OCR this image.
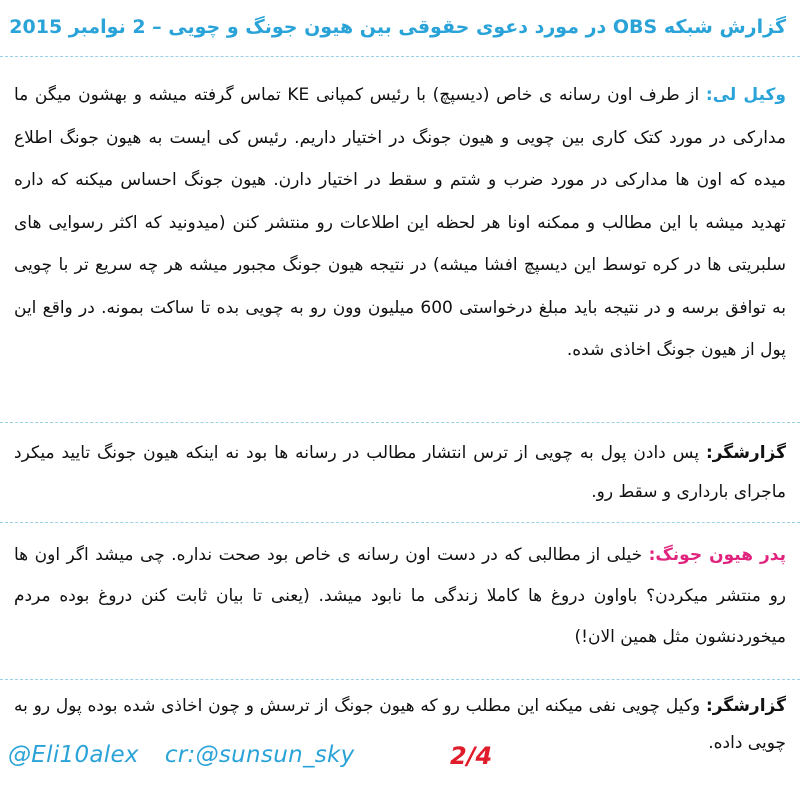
گزارش شبکه OBS در مورد دعوی حقوقی بین هیون جونگ و چویی – 2 نوامبر 2015

وکیل لی: از طرف اون رسانه ی خاص (دیسپچ) با رئیس کمپانی KE تماس گرفته میشه و بهشون میگن ما مدارکی در مورد کتک کاری بین چویی و هیون جونگ در اختیار داریم. رئیس کی ایست به هیون جونگ اطلاع میده که اون ها مدارکی در مورد ضرب و شتم و سقط در اختیار دارن. هیون جونگ احساس میکنه که داره تهدید میشه با این مطالب و ممکنه اونا هر لحظه این اطلاعات رو منتشر کنن (میدونید که اکثر رسوایی های سلبریتی ها در کره توسط این دیسپچ افشا میشه) در نتیجه هیون جونگ مجبور میشه هر چه سریع تر با چویی به توافق برسه و در نتیجه باید مبلغ درخواستی 600 میلیون وون رو به چویی بده تا ساکت بمونه. در واقع این پول از هیون جونگ اخاذی شده.

گزارشگر: پس دادن پول به چویی از ترس انتشار مطالب در رسانه ها بود نه اینکه هیون جونگ تایید میکرد ماجرای بارداری و سقط رو.

پدر هیون جونگ: خیلی از مطالبی که در دست اون رسانه ی خاص بود صحت نداره. چی میشد اگر اون ها رو منتشر میکردن؟ باواون دروغ ها کاملا زندگی ما نابود میشد. (یعنی تا بیان ثابت کنن دروغ بوده مردم میخوردنشون مثل همین الان!)

گزارشگر: وکیل چویی نفی میکنه این مطلب رو که هیون جونگ از ترسش و چون اخاذی شده بوده پول رو به چویی داده.

@Eli10alex cr:@sunsun_sky	2/4
